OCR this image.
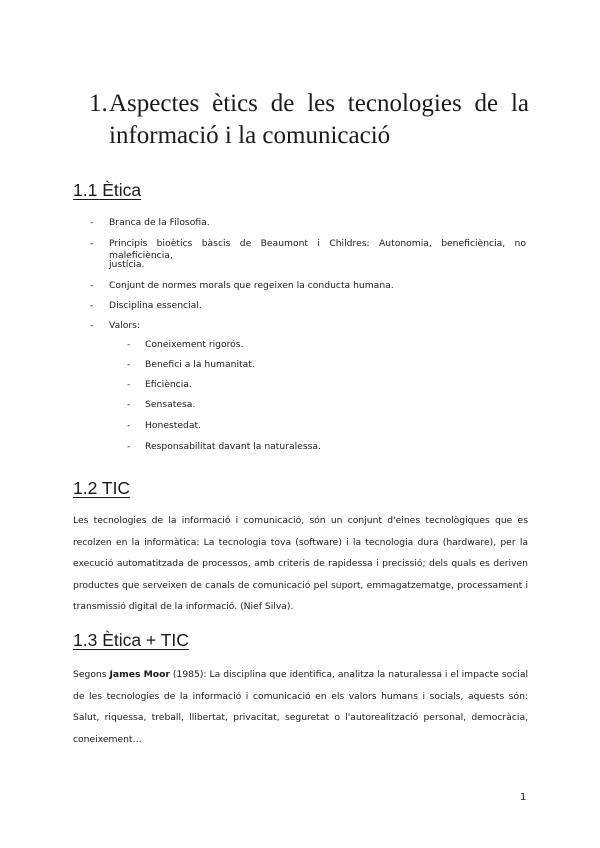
1. Aspectes ètics de les tecnologies de la
informació i la comunicació
1.1 Ètica
- Branca de la Filosofia.
- Principis bioètics bàscis de Beaumont i Childres: Autonomia, beneficiència, no maleficiència,
justícia.
- Conjunt de normes morals que regeixen la conducta humana.
- Disciplina essencial.
- Valors:
- Coneixement rigorós.
- Benefici a la humanitat.
- Eficiència.
- Sensatesa.
- Honestedat.
- Responsabilitat davant la naturalessa.
1.2 TIC

Les tecnologies de la informació i comunicació, són un conjunt d'eines tecnològiques que es recolzen en la informàtica: La tecnologia tova (software) i la tecnologia dura (hardware), per la execució automatitzada de processos, amb criteris de rapidessa i precissió; dels quals es deriven productes que serveixen de canals de comunicació pel suport, emmagatzematge, processament i transmissió digital de la informació. (Nief Silva).

1.3 Ètica + TIC

Segons James Moor (1985): La disciplina que identifica, analitza la naturalessa i el impacte social de les tecnologies de la informació i comunicació en els valors humans i socials, aquests són: Salut, riquessa, treball, llibertat, privacitat, seguretat o l'autorealització personal, democràcia, coneixement…

1
